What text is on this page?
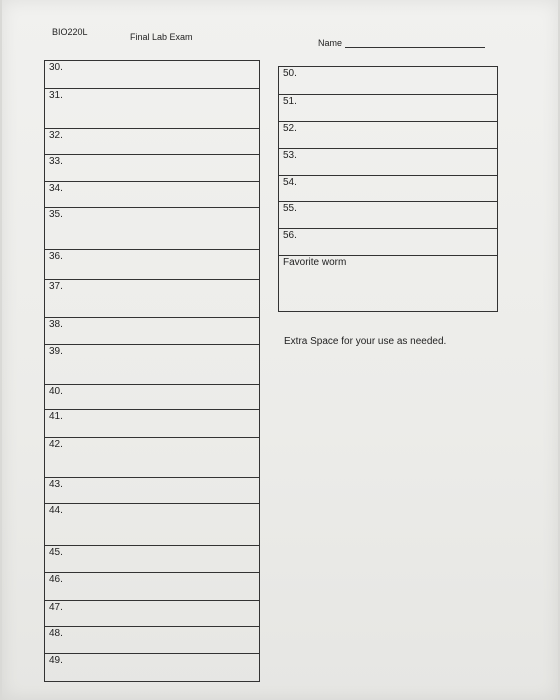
BIO220L	Final Lab Exam
Name
30.
31.
32.
33.
34.
35.
36.
37.
38.
39.
40.
41.
42.
43.
44.
45.
46.
47.
48.
49.
50.
51.
52.
53.
54.
55.
56.
Favorite worm
Extra Space for your use as needed.
